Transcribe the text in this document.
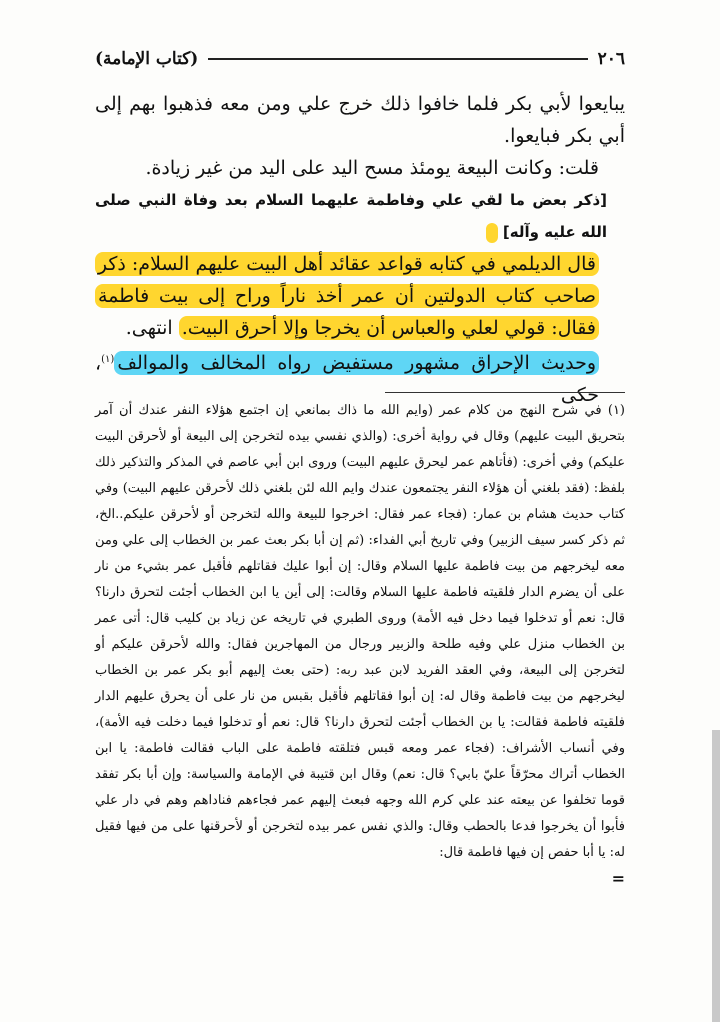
٢٠٦
(كتاب الإمامة)

يبايعوا لأبي بكر فلما خافوا ذلك خرج علي ومن معه فذهبوا بهم إلى أبي بكر فبايعوا.

قلت: وكانت البيعة يومئذ مسح اليد على اليد من غير زيادة.

[ذكر بعض ما لقي علي وفاطمة عليهما السلام بعد وفاة النبي صلى الله عليه وآله]

قال الديلمي في كتابه قواعد عقائد أهل البيت عليهم السلام: ذكر صاحب كتاب الدولتين أن عمر أخذ ناراً وراح إلى بيت فاطمة فقال: قولي لعلي والعباس أن يخرجا وإلا أحرق البيت. انتهى.

وحديث الإحراق مشهور مستفيض رواه المخالف والموالف$^{(١)}$، حكى

(١) في شرح النهج من كلام عمر (وايم الله ما ذاك بمانعي إن اجتمع هؤلاء النفر عندك أن آمر بتحريق البيت عليهم) وقال في رواية أخرى: (والذي نفسي بيده لتخرجن إلى البيعة أو لأحرقن البيت عليكم) وفي أخرى: (فأتاهم عمر ليحرق عليهم البيت) وروى ابن أبي عاصم في المذكر والتذكير ذلك بلفظ: (فقد بلغني أن هؤلاء النفر يجتمعون عندك وايم الله لئن بلغني ذلك لأحرقن عليهم البيت) وفي كتاب حديث هشام بن عمار: (فجاء عمر فقال: اخرجوا للبيعة والله لتخرجن أو لأحرقن عليكم..الخ، ثم ذكر كسر سيف الزبير) وفي تاريخ أبي الفداء: (ثم إن أبا بكر بعث عمر بن الخطاب إلى علي ومن معه ليخرجهم من بيت فاطمة عليها السلام وقال: إن أبوا عليك فقاتلهم فأقبل عمر بشيء من نار على أن يضرم الدار فلقيته فاطمة عليها السلام وقالت: إلى أين يا ابن الخطاب أجئت لتحرق دارنا؟ قال: نعم أو تدخلوا فيما دخل فيه الأمة) وروى الطبري في تاريخه عن زياد بن كليب قال: أتى عمر بن الخطاب منزل علي وفيه طلحة والزبير ورجال من المهاجرين فقال: والله لأحرقن عليكم أو لتخرجن إلى البيعة، وفي العقد الفريد لابن عبد ربه: (حتى بعث إليهم أبو بكر عمر بن الخطاب ليخرجهم من بيت فاطمة وقال له: إن أبوا فقاتلهم فأقبل بقبس من نار على أن يحرق عليهم الدار فلقيته فاطمة فقالت: يا بن الخطاب أجئت لتحرق دارنا؟ قال: نعم أو تدخلوا فيما دخلت فيه الأمة)، وفي أنساب الأشراف: (فجاء عمر ومعه قبس فتلقته فاطمة على الباب فقالت فاطمة: يا ابن الخطاب أتراك محرّقاً عليّ بابي؟ قال: نعم) وقال ابن قتيبة في الإمامة والسياسة: وإن أبا بكر تفقد قوما تخلفوا عن بيعته عند علي كرم الله وجهه فبعث إليهم عمر فجاءهم فناداهم وهم في دار علي فأبوا أن يخرجوا فدعا بالحطب وقال: والذي نفس عمر بيده لتخرجن أو لأحرقنها على من فيها فقيل له: يا أبا حفص إن فيها فاطمة قال:

=
